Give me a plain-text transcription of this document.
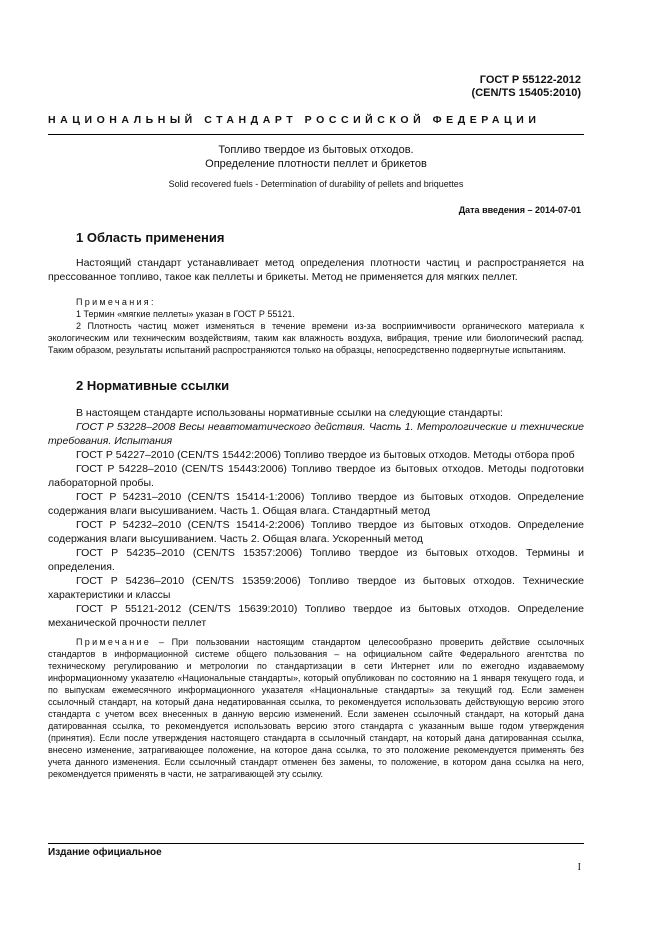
ГОСТ Р 55122-2012
(CEN/TS 15405:2010)
НАЦИОНАЛЬНЫЙ СТАНДАРТ РОССИЙСКОЙ ФЕДЕРАЦИИ
Топливо твердое из бытовых отходов.
Определение плотности пеллет и брикетов
Solid recovered fuels - Determination of durability of pellets and briquettes
Дата введения – 2014-07-01
1 Область применения

Настоящий стандарт устанавливает метод определения плотности частиц и распространяется на прессованное топливо, такое как пеллеты и брикеты. Метод не применяется для мягких пеллет.

Примечания:

1 Термин «мягкие пеллеты» указан в ГОСТ Р 55121.

2 Плотность частиц может изменяться в течение времени из-за восприимчивости органического материала к экологическим или техническим воздействиям, таким как влажность воздуха, вибрация, трение или биологический распад. Таким образом, результаты испытаний распространяются только на образцы, непосредственно подвергнутые испытаниям.

2 Нормативные ссылки

В настоящем стандарте использованы нормативные ссылки на следующие стандарты:

ГОСТ Р 53228–2008 Весы неавтоматического действия. Часть 1. Метрологические и технические требования. Испытания

ГОСТ Р 54227–2010 (CEN/TS 15442:2006) Топливо твердое из бытовых отходов. Методы отбора проб

ГОСТ Р 54228–2010 (CEN/TS 15443:2006) Топливо твердое из бытовых отходов. Методы подготовки лабораторной пробы.

ГОСТ Р 54231–2010 (CEN/TS 15414-1:2006) Топливо твердое из бытовых отходов. Определение содержания влаги высушиванием. Часть 1. Общая влага. Стандартный метод

ГОСТ Р 54232–2010 (CEN/TS 15414-2:2006) Топливо твердое из бытовых отходов. Определение содержания влаги высушиванием. Часть 2. Общая влага. Ускоренный метод

ГОСТ Р 54235–2010 (CEN/TS 15357:2006) Топливо твердое из бытовых отходов. Термины и определения.

ГОСТ Р 54236–2010 (CEN/TS 15359:2006) Топливо твердое из бытовых отходов. Технические характеристики и классы

ГОСТ Р 55121-2012 (CEN/TS 15639:2010) Топливо твердое из бытовых отходов. Определение механической прочности пеллет

Примечание – При пользовании настоящим стандартом целесообразно проверить действие ссылочных стандартов в информационной системе общего пользования – на официальном сайте Федерального агентства по техническому регулированию и метрологии по стандартизации в сети Интернет или по ежегодно издаваемому информационному указателю «Национальные стандарты», который опубликован по состоянию на 1 января текущего года, и по выпускам ежемесячного информационного указателя «Национальные стандарты» за текущий год. Если заменен ссылочный стандарт, на который дана недатированная ссылка, то рекомендуется использовать действующую версию этого стандарта с учетом всех внесенных в данную версию изменений. Если заменен ссылочный стандарт, на который дана датированная ссылка, то рекомендуется использовать версию этого стандарта с указанным выше годом утверждения (принятия). Если после утверждения настоящего стандарта в ссылочный стандарт, на который дана датированная ссылка, внесено изменение, затрагивающее положение, на которое дана ссылка, то это положение рекомендуется применять без учета данного изменения. Если ссылочный стандарт отменен без замены, то положение, в котором дана ссылка на него, рекомендуется применять в части, не затрагивающей эту ссылку.

Издание официальное
I
